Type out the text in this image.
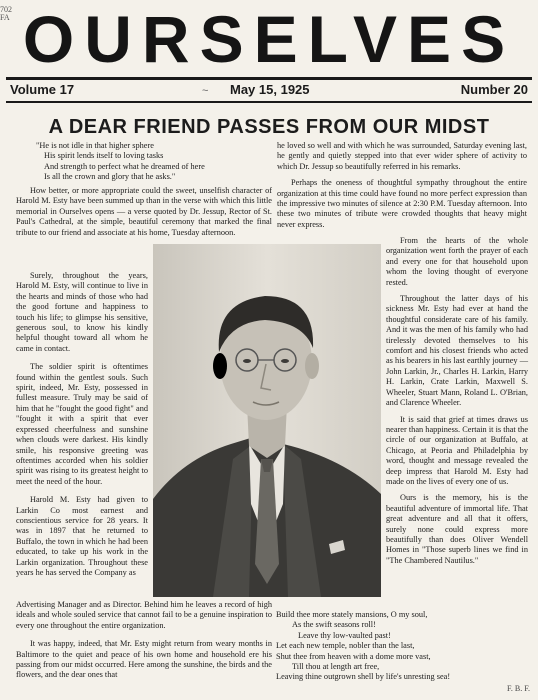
702
FA OURSELVES
Volume 17	~ May 15, 1925	Number 20
A DEAR FRIEND PASSES FROM OUR MIDST
"He is not idle in that higher sphere
His spirit lends itself to loving tasks
And strength to perfect what he dreamed of here
Is all the crown and glory that he asks."

How better, or more appropriate could the sweet, unselfish character of Harold M. Esty have been summed up than in the verse with which this little memorial in Ourselves opens — a verse quoted by Dr. Jessup, Rector of St. Paul's Cathedral, at the simple, beautiful ceremony that marked the final tribute to our friend and associate at his home, Tuesday afternoon.

Surely, throughout the years, Harold M. Esty, will continue to live in the hearts and minds of those who had the good fortune and happiness to touch his life; to glimpse his sensitive, generous soul, to know his kindly helpful thought toward all whom he came in contact.

The soldier spirit is oftentimes found within the gentlest souls. Such spirit, indeed, Mr. Esty, possessed in fullest measure. Truly may be said of him that he "fought the good fight" and "fought it with a spirit that ever expressed cheerfulness and sunshine when clouds were darkest. His kindly smile, his responsive greeting was oftentimes accorded when his soldier spirit was rising to its greatest height to meet the need of the hour.

Harold M. Esty had given to Larkin Co most earnest and conscientious service for 28 years. It was in 1897 that he returned to Buffalo, the town in which he had been educated, to take up his work in the Larkin organization. Throughout these years he has served the Company as

he loved so well and with which he was surrounded, Saturday evening last, he gently and quietly stepped into that ever wider sphere of activity to which Dr. Jessup so beautifully referred in his remarks.

Perhaps the oneness of thoughtful sympathy throughout the entire organization at this time could have found no more perfect expression than the impressive two minutes of silence at 2:30 P.M. Tuesday afternoon. Into these two minutes of tribute were crowded thoughts that heavy might never express.

From the hearts of the whole organization went forth the prayer of each and every one for that household upon whom the loving thought of everyone rested.

Throughout the latter days of his sickness Mr. Esty had ever at hand the thoughtful considerate care of his family. And it was the men of his family who had tirelessly devoted themselves to his comfort and his closest friends who acted as his bearers in his last earthly journey — John Larkin, Jr., Charles H. Larkin, Harry H. Larkin, Crate Larkin, Maxwell S. Wheeler, Stuart Mann, Roland L. O'Brian, and Clarence Wheeler.

It is said that grief at times draws us nearer than happiness. Certain it is that the circle of our organization at Buffalo, at Chicago, at Peoria and Philadelphia by word, thought and message revealed the deep impress that Harold M. Esty had made on the lives of every one of us.

Ours is the memory, his is the beautiful adventure of immortal life. That great adventure and all that it offers, surely none could express more beautifully than does Oliver Wendell Homes in "Those superb lines we find in "The Chambered Nautilus."

Advertising Manager and as Director. Behind him he leaves a record of high ideals and whole souled service that cannot fail to be a genuine inspiration to every one throughout the entire organization.

It was happy, indeed, that Mr. Esty might return from weary months in Baltimore to the quiet and peace of his own home and household ere his passing from our midst occurred. Here among the sunshine, the birds and the flowers, and the dear ones that

Build thee more stately mansions, O my soul,
As the swift seasons roll!
Leave thy low-vaulted past!
Let each new temple, nobler than the last,
Shut thee from heaven with a dome more vast,
Till thou at length art free,
Leaving thine outgrown shell by life's unresting sea!
F. B. F.
